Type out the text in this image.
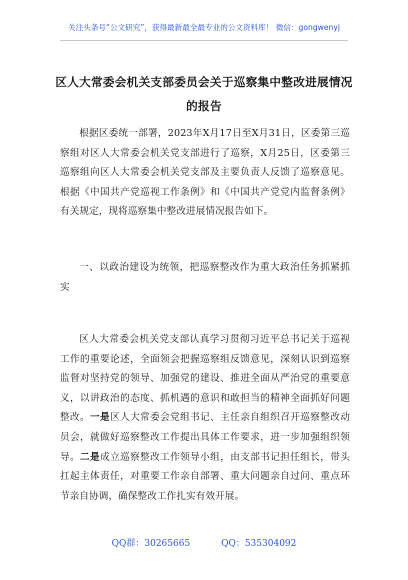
关注头条号“公文研究”，获得最新最全最专业的公文资料库！ 微信：gongwenyj
区人大常委会机关支部委员会关于巡察集中整改进展情况
的报告

根据区委统一部署，2023年X月17日至X月31日，区委第三巡察组对区人大常委会机关党支部进行了巡察，X月25日，区委第三巡察组向区人大常委会机关党支部及主要负责人反馈了巡察意见。根据《中国共产党巡视工作条例》和《中国共产党党内监督条例》有关规定，现将巡察集中整改进展情况报告如下。

一、以政治建设为统领，把巡察整改作为重大政治任务抓紧抓实

区人大常委会机关党支部认真学习贯彻习近平总书记关于巡视工作的重要论述，全面领会把握巡察组反馈意见，深刻认识到巡察监督对坚持党的领导、加强党的建设、推进全面从严治党的重要意义，以讲政治的态度、抓机遇的意识和敢担当的精神全面抓好问题整改。一是区人大常委会党组书记、主任亲自组织召开巡察整改动员会，就做好巡察整改工作提出具体工作要求，进一步加强组织领导。二是成立巡察整改工作领导小组，由支部书记担任组长，带头扛起主体责任，对重要工作亲自部署、重大问题亲自过问、重点环节亲自协调，确保整改工作扎实有效开展。

QQ群：30265665	QQ：535304092
